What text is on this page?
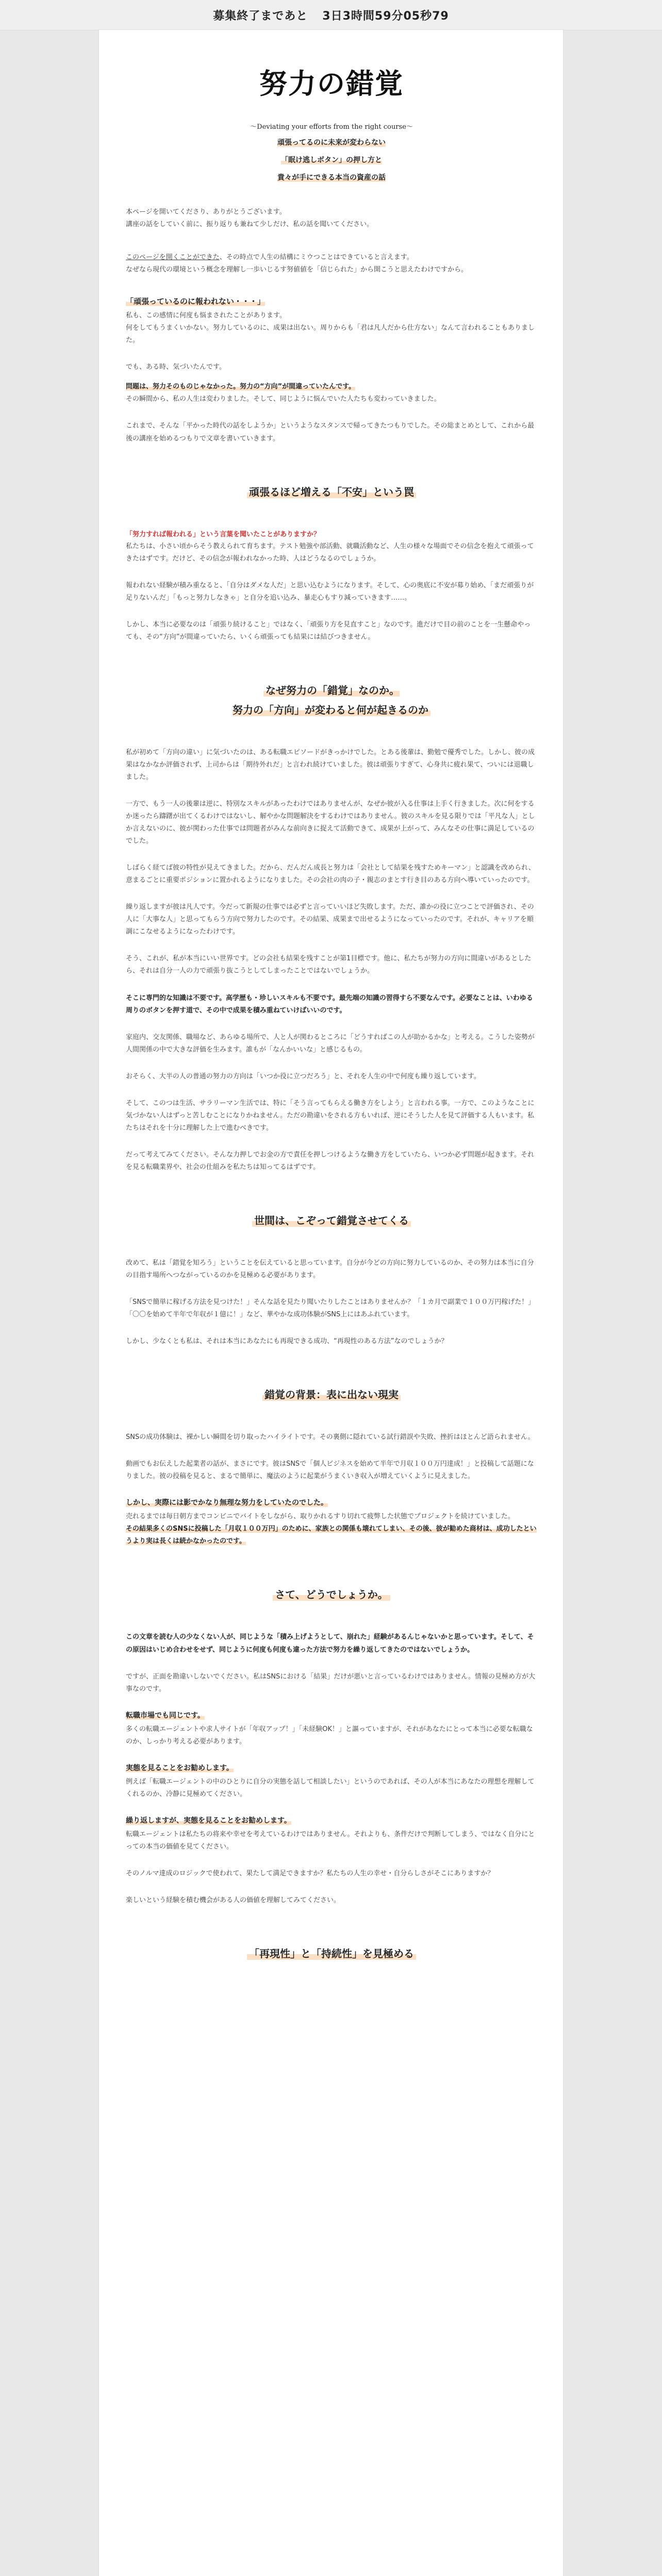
募集終了まであと 3日3時間59分05秒79
努力の錯覚
～Deviating your efforts from the right course～
頑張ってるのに未来が変わらない
「眠け逃しボタン」の押し方と
貴々が手にできる本当の資産の話

本ページを開いてくださり、ありがとうございます。
講座の話をしていく前に、振り返りも兼ねて少しだけ、私の話を聞いてください。

このページを開くことができた、その時点で人生の結構にミウつことはできていると言えます。
なぜなら現代の環境という概念を理解し一歩いじるす努値値を「信じられた」から開こうと思えたわけですから。

「頑張っているのに報われない・・・」

私も、この感情に何度も悩まされたことがあります。
何をしてもうまくいかない。努力しているのに、成果は出ない。周りからも「君は凡人だから仕方ない」なんて言われることもありました。

でも、ある時、気づいたんです。

問題は、努力そのものじゃなかった。努力の“方向”が間違っていたんです。
その瞬間から、私の人生は変わりました。そして、同じように悩んでいた人たちも変わっていきました。

これまで、そんな「平かった時代の話をしようか」というようなスタンスで帰ってきたつもりでした。その総まとめとして、これから最後の講座を始めるつもりで文章を書いていきます。

頑張るほど増える「不安」という罠
「努力すれば報われる」という言葉を聞いたことがありますか？

私たちは、小さい頃からそう教えられて育ちます。テスト勉強や部活動、就職活動など、人生の様々な場面でその信念を抱えて頑張ってきたはずです。だけど、その信念が報われなかった時、人はどうなるのでしょうか。

報われない経験が積み重なると、「自分はダメな人だ」と思い込むようになります。そして、心の奥底に不安が募り始め、「まだ頑張りが足りないんだ」「もっと努力しなきゃ」と自分を追い込み、暴走心もすり減っていきます……。

しかし、本当に必要なのは「頑張り続けること」ではなく、「頑張り方を見直すこと」なのです。進だけで目の前のことを一生懸命やっても、その“方向”が間違っていたら、いくら頑張っても結果には結びつきません。

なぜ努力の「錯覚」なのか。
努力の「方向」が変わると何が起きるのか

私が初めて「方向の違い」に気づいたのは、ある転職エピソードがきっかけでした。とある後輩は、勤勉で優秀でした。しかし、彼の成果はなかなか評価されず、上司からは「期待外れだ」と言われ続けていました。彼は頑張りすぎて、心身共に疲れ果て、ついには退職しました。

一方で、もう一人の後輩は逆に、特別なスキルがあったわけではありませんが、なぜか彼が入る仕事は上手く行きました。次に何をするか迷ったら躊躇が出てくるわけではないし、解やかな問題解決をするわけではありません。彼のスキルを見る限りでは「平凡な人」としか言えないのに、彼が関わった仕事では問題者がみんな前向きに捉えて活動できて、成果が上がって、みんなその仕事に満足しているのでした。

しばらく経てば彼の特性が見えてきました。だから、だんだん成長と努力は「会社として結果を残すためキーマン」と認識を改められ、意まるごとに重要ポジションに置かれるようになりました。その会社の肉の子・親志のまとす行き目のある方向へ導いていったのです。

繰り返しますが彼は凡人です。今だって新規の仕事では必ずと言っていいほど失敗します。ただ、誰かの役に立つことで評価され、その人に「大事な人」と思ってもらう方向で努力したのです。その結果、成果まで出せるようになっていったのです。それが、キャリアを順調にこなせるようになったわけです。

そう、これが、私が本当にいい世界です。どの会社も結果を残すことが第1目標です。他に、私たちが努力の方向に間違いがあるとしたら、それは自分一人の力で頑張り抜こうとしてしまったことではないでしょうか。

そこに専門的な知識は不要です。高学歴も・珍しいスキルも不要です。最先端の知識の習得すら不要なんです。必要なことは、いわゆる周りのボタンを押す道で、その中で成果を積み重ねていけばいいのです。

家庭内、交友関係、職場など、あらゆる場所で、人と人が関わるところに「どうすればこの人が助かるかな」と考える。こうした姿勢が人間関係の中で大きな評価を生みます。誰もが「なんかいいな」と感じるもの。

おそらく、大半の人の普通の努力の方向は「いつか役に立つだろう」と、それを人生の中で何度も繰り返しています。

そして、このつは生活、サラリーマン生活では、特に「そう言ってもらえる働き方をしよう」と言われる事。一方で、このようなことに気づかない人はずっと苦しむことになりかねません。ただの勘違いをされる方もいれば、逆にそうした人を見て評価する人もいます。私たちはそれを十分に理解した上で進むべきです。

だって考えてみてください。そんな力押しでお金の方で責任を押しつけるような働き方をしていたら、いつか必ず問題が起きます。それを見る転職業界や、社会の仕組みを私たちは知ってるはずです。

世間は、こぞって錯覚させてくる

改めて、私は「錯覚を知ろう」ということを伝えていると思っています。自分が今どの方向に努力しているのか、その努力は本当に自分の目指す場所へつながっているのかを見極める必要があります。

「SNSで簡単に稼げる方法を見つけた！」そんな話を見たり聞いたりしたことはありませんか？「１カ月で副業で１００万円稼げた！」「〇〇を始めて半年で年収が１億に！」など、華やかな成功体験がSNS上にはあふれています。

しかし、少なくとも私は、それは本当にあなたにも再現できる成功、“再現性のある方法”なのでしょうか？

錯覚の背景：表に出ない現実

SNSの成功体験は、裸かしい瞬間を切り取ったハイライトです。その裏側に隠れている試行錯誤や失敗、挫折はほとんど語られません。

動画でもお伝えした起業者の話が、まさにです。彼はSNSで「個人ビジネスを始めて半年で月収１００万円達成！」と投稿して話題になりました。彼の投稿を見ると、まるで簡単に、魔法のように起業がうまくいき収入が増えていくように見えました。

しかし、実際には影でかなり無理な努力をしていたのでした。

売れるまでは毎日朝方までコンビニでバイトをしながら、取りかれるすり切れて疲弊した状態でプロジェクトを続けていました。
その結果多くのSNSに投稿した「月収１００万円」のために、家族との関係も壊れてしまい、その後、彼が勧めた商材は、成功したというより実は長くは続かなかったのです。

さて、どうでしょうか。

この文章を読む人の少なくない人が、同じような「積み上げようとして、崩れた」経験があるんじゃないかと思っています。そして、その原因はいじめ合わせをせず、同じように何度も何度も違った方法で努力を繰り返してきたのではないでしょうか。

ですが、正面を勘違いしないでください。私はSNSにおける「結果」だけが悪いと言っているわけではありません。情報の見極め方が大事なのです。

転職市場でも同じです。

多くの転職エージェントや求人サイトが「年収アップ！」「未経験OK！」と謳っていますが、それがあなたにとって本当に必要な転職なのか、しっかり考える必要があります。

実態を見ることをお勧めします。

例えば「転職エージェントの中のひとりに自分の実態を話して相談したい」というのであれば、その人が本当にあなたの理想を理解してくれるのか、冷静に見極めてください。

繰り返しますが、実態を見ることをお勧めします。

転職エージェントは私たちの将来や幸せを考えているわけではありません。それよりも、条件だけで判断してしまう、ではなく自分にとっての本当の価値を見てください。

そのノルマ達成のロジックで使われて、果たして満足できますか？私たちの人生の幸せ・自分らしさがそこにありますか？

楽しいという経験を積む機会がある人の価値を理解してみてください。

「再現性」と「持続性」を見極める
